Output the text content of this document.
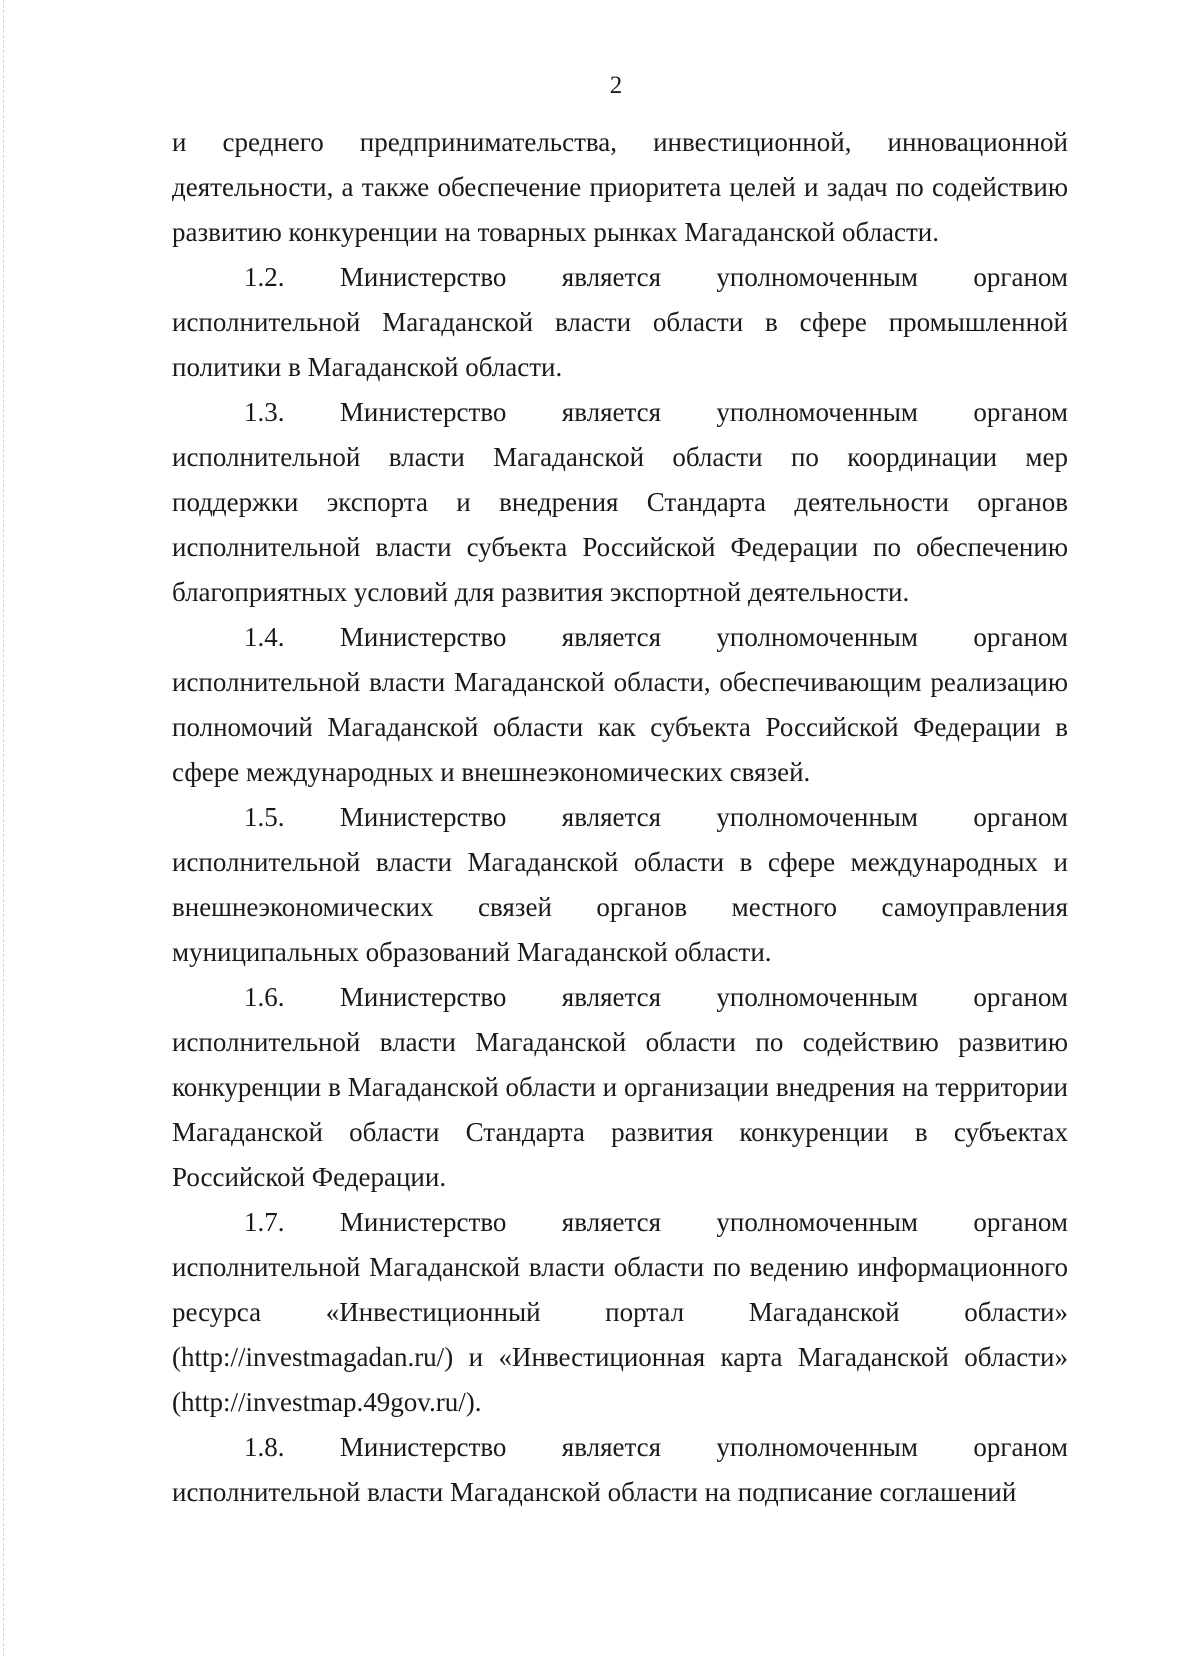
2

и среднего предпринимательства, инвестиционной, инновационной деятельности, а также обеспечение приоритета целей и задач по содействию развитию конкуренции на товарных рынках Магаданской области.

1.2. Министерство является уполномоченным органом исполнительной Магаданской власти области в сфере промышленной политики в Магаданской области.

1.3. Министерство является уполномоченным органом исполнительной власти Магаданской области по координации мер поддержки экспорта и внедрения Стандарта деятельности органов исполнительной власти субъекта Российской Федерации по обеспечению благоприятных условий для развития экспортной деятельности.

1.4. Министерство является уполномоченным органом исполнительной власти Магаданской области, обеспечивающим реализацию полномочий Магаданской области как субъекта Российской Федерации в сфере международных и внешнеэкономических связей.

1.5. Министерство является уполномоченным органом исполнительной власти Магаданской области в сфере международных и внешнеэкономических связей органов местного самоуправления муниципальных образований Магаданской области.

1.6. Министерство является уполномоченным органом исполнительной власти Магаданской области по содействию развитию конкуренции в Магаданской области и организации внедрения на территории Магаданской области Стандарта развития конкуренции в субъектах Российской Федерации.

1.7. Министерство является уполномоченным органом исполнительной Магаданской власти области по ведению информационного ресурса «Инвестиционный портал Магаданской области» (http://investmagadan.ru/) и «Инвестиционная карта Магаданской области» (http://investmap.49gov.ru/).

1.8. Министерство является уполномоченным органом исполнительной власти Магаданской области на подписание соглашений
